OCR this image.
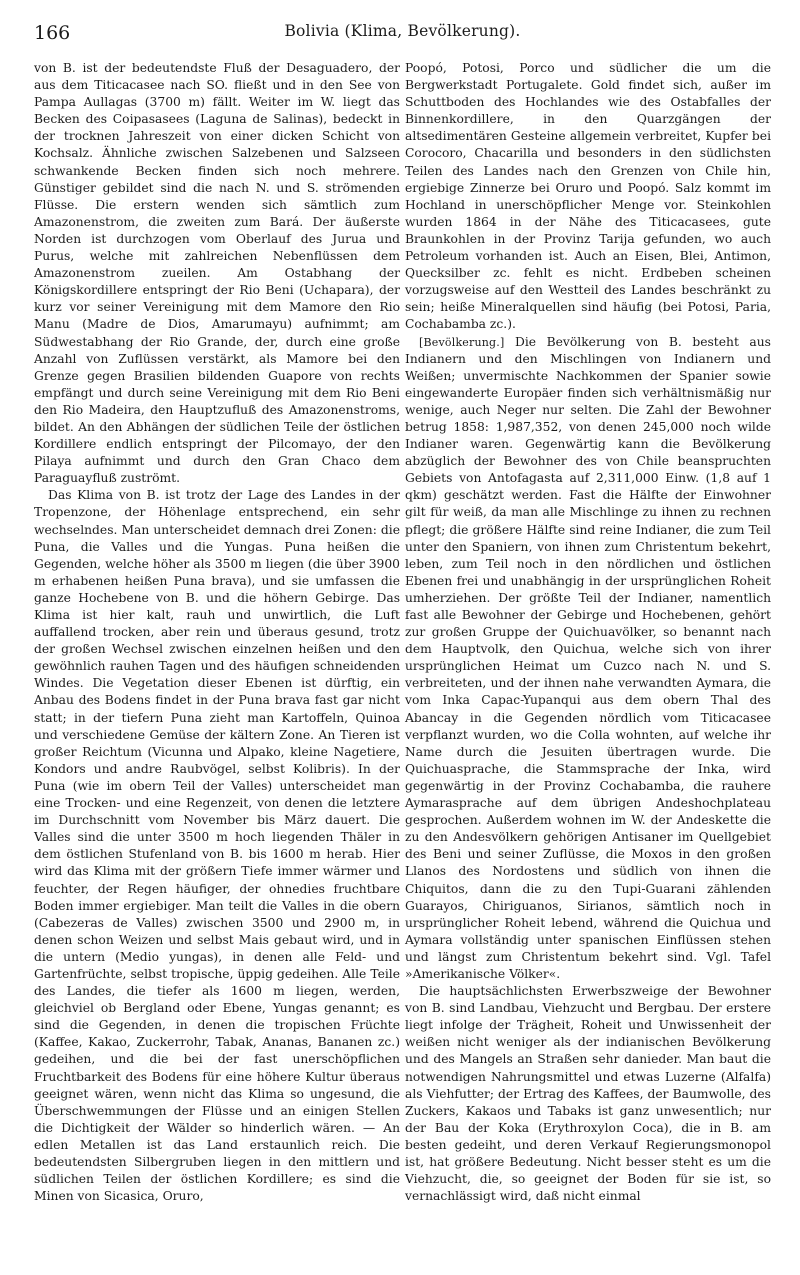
166	Bolivia (Klima, Bevölkerung).

von B. ist der bedeutendste Fluß der Desaguadero, der aus dem Titicacasee nach SO. fließt und in den See von Pampa Aullagas (3700 m) fällt. Weiter im W. liegt das Becken des Coipasasees (Laguna de Salinas), bedeckt in der trocknen Jahreszeit von einer dicken Schicht von Kochsalz. Ähnliche zwischen Salzebenen und Salzseen schwankende Becken finden sich noch mehrere. Günstiger gebildet sind die nach N. und S. strömenden Flüsse. Die erstern wenden sich sämtlich zum Amazonenstrom, die zweiten zum Bará. Der äußerste Norden ist durchzogen vom Oberlauf des Jurua und Purus, welche mit zahlreichen Nebenflüssen dem Amazonenstrom zueilen. Am Ostabhang der Königskordillere entspringt der Rio Beni (Uchapara), der kurz vor seiner Vereinigung mit dem Mamore den Rio Manu (Madre de Dios, Amarumayu) aufnimmt; am Südwestabhang der Rio Grande, der, durch eine große Anzahl von Zuflüssen verstärkt, als Mamore bei den Grenze gegen Brasilien bildenden Guapore von rechts empfängt und durch seine Vereinigung mit dem Rio Beni den Rio Madeira, den Hauptzufluß des Amazonenstroms, bildet. An den Abhängen der südlichen Teile der östlichen Kordillere endlich entspringt der Pilcomayo, der den Pilaya aufnimmt und durch den Gran Chaco dem Paraguayfluß zuströmt.

Das Klima von B. ist trotz der Lage des Landes in der Tropenzone, der Höhenlage entsprechend, ein sehr wechselndes. Man unterscheidet demnach drei Zonen: die Puna, die Valles und die Yungas. Puna heißen die Gegenden, welche höher als 3500 m liegen (die über 3900 m erhabenen heißen Puna brava), und sie umfassen die ganze Hochebene von B. und die höhern Gebirge. Das Klima ist hier kalt, rauh und unwirtlich, die Luft auffallend trocken, aber rein und überaus gesund, trotz der großen Wechsel zwischen einzelnen heißen und den gewöhnlich rauhen Tagen und des häufigen schneidenden Windes. Die Vegetation dieser Ebenen ist dürftig, ein Anbau des Bodens findet in der Puna brava fast gar nicht statt; in der tiefern Puna zieht man Kartoffeln, Quinoa und verschiedene Gemüse der kältern Zone. An Tieren ist großer Reichtum (Vicunna und Alpako, kleine Nagetiere, Kondors und andre Raubvögel, selbst Kolibris). In der Puna (wie im obern Teil der Valles) unterscheidet man eine Trocken- und eine Regenzeit, von denen die letztere im Durchschnitt vom November bis März dauert. Die Valles sind die unter 3500 m hoch liegenden Thäler in dem östlichen Stufenland von B. bis 1600 m herab. Hier wird das Klima mit der größern Tiefe immer wärmer und feuchter, der Regen häufiger, der ohnedies fruchtbare Boden immer ergiebiger. Man teilt die Valles in die obern (Cabezeras de Valles) zwischen 3500 und 2900 m, in denen schon Weizen und selbst Mais gebaut wird, und in die untern (Medio yungas), in denen alle Feld- und Gartenfrüchte, selbst tropische, üppig gedeihen. Alle Teile des Landes, die tiefer als 1600 m liegen, werden, gleichviel ob Bergland oder Ebene, Yungas genannt; es sind die Gegenden, in denen die tropischen Früchte (Kaffee, Kakao, Zuckerrohr, Tabak, Ananas, Bananen zc.) gedeihen, und die bei der fast unerschöpflichen Fruchtbarkeit des Bodens für eine höhere Kultur überaus geeignet wären, wenn nicht das Klima so ungesund, die Überschwemmungen der Flüsse und an einigen Stellen die Dichtigkeit der Wälder so hinderlich wären. — An edlen Metallen ist das Land erstaunlich reich. Die bedeutendsten Silbergruben liegen in den mittlern und südlichen Teilen der östlichen Kordillere; es sind die Minen von Sicasica, Oruro,

Poopó, Potosi, Porco und südlicher die um die Bergwerkstadt Portugalete. Gold findet sich, außer im Schuttboden des Hochlandes wie des Ostabfalles der Binnenkordillere, in den Quarzgängen der altsedimentären Gesteine allgemein verbreitet, Kupfer bei Corocoro, Chacarilla und besonders in den südlichsten Teilen des Landes nach den Grenzen von Chile hin, ergiebige Zinnerze bei Oruro und Poopó. Salz kommt im Hochland in unerschöpflicher Menge vor. Steinkohlen wurden 1864 in der Nähe des Titicacasees, gute Braunkohlen in der Provinz Tarija gefunden, wo auch Petroleum vorhanden ist. Auch an Eisen, Blei, Antimon, Quecksilber zc. fehlt es nicht. Erdbeben scheinen vorzugsweise auf den Westteil des Landes beschränkt zu sein; heiße Mineralquellen sind häufig (bei Potosi, Paria, Cochabamba zc.).

[Bevölkerung.] Die Bevölkerung von B. besteht aus Indianern und den Mischlingen von Indianern und Weißen; unvermischte Nachkommen der Spanier sowie eingewanderte Europäer finden sich verhältnismäßig nur wenige, auch Neger nur selten. Die Zahl der Bewohner betrug 1858: 1,987,352, von denen 245,000 noch wilde Indianer waren. Gegenwärtig kann die Bevölkerung abzüglich der Bewohner des von Chile beanspruchten Gebiets von Antofagasta auf 2,311,000 Einw. (1,8 auf 1 qkm) geschätzt werden. Fast die Hälfte der Einwohner gilt für weiß, da man alle Mischlinge zu ihnen zu rechnen pflegt; die größere Hälfte sind reine Indianer, die zum Teil unter den Spaniern, von ihnen zum Christentum bekehrt, leben, zum Teil noch in den nördlichen und östlichen Ebenen frei und unabhängig in der ursprünglichen Roheit umherziehen. Der größte Teil der Indianer, namentlich fast alle Bewohner der Gebirge und Hochebenen, gehört zur großen Gruppe der Quichuavölker, so benannt nach dem Hauptvolk, den Quichua, welche sich von ihrer ursprünglichen Heimat um Cuzco nach N. und S. verbreiteten, und der ihnen nahe verwandten Aymara, die vom Inka Capac-Yupanqui aus dem obern Thal des Abancay in die Gegenden nördlich vom Titicacasee verpflanzt wurden, wo die Colla wohnten, auf welche ihr Name durch die Jesuiten übertragen wurde. Die Quichuasprache, die Stammsprache der Inka, wird gegenwärtig in der Provinz Cochabamba, die rauhere Aymarasprache auf dem übrigen Andeshochplateau gesprochen. Außerdem wohnen im W. der Andeskette die zu den Andesvölkern gehörigen Antisaner im Quellgebiet des Beni und seiner Zuflüsse, die Moxos in den großen Llanos des Nordostens und südlich von ihnen die Chiquitos, dann die zu den Tupi-Guarani zählenden Guarayos, Chiriguanos, Sirianos, sämtlich noch in ursprünglicher Roheit lebend, während die Quichua und Aymara vollständig unter spanischen Einflüssen stehen und längst zum Christentum bekehrt sind. Vgl. Tafel »Amerikanische Völker«.

Die hauptsächlichsten Erwerbszweige der Bewohner von B. sind Landbau, Viehzucht und Bergbau. Der erstere liegt infolge der Trägheit, Roheit und Unwissenheit der weißen nicht weniger als der indianischen Bevölkerung und des Mangels an Straßen sehr danieder. Man baut die notwendigen Nahrungsmittel und etwas Luzerne (Alfalfa) als Viehfutter; der Ertrag des Kaffees, der Baumwolle, des Zuckers, Kakaos und Tabaks ist ganz unwesentlich; nur der Bau der Koka (Erythroxylon Coca), die in B. am besten gedeiht, und deren Verkauf Regierungsmonopol ist, hat größere Bedeutung. Nicht besser steht es um die Viehzucht, die, so geeignet der Boden für sie ist, so vernachlässigt wird, daß nicht einmal
